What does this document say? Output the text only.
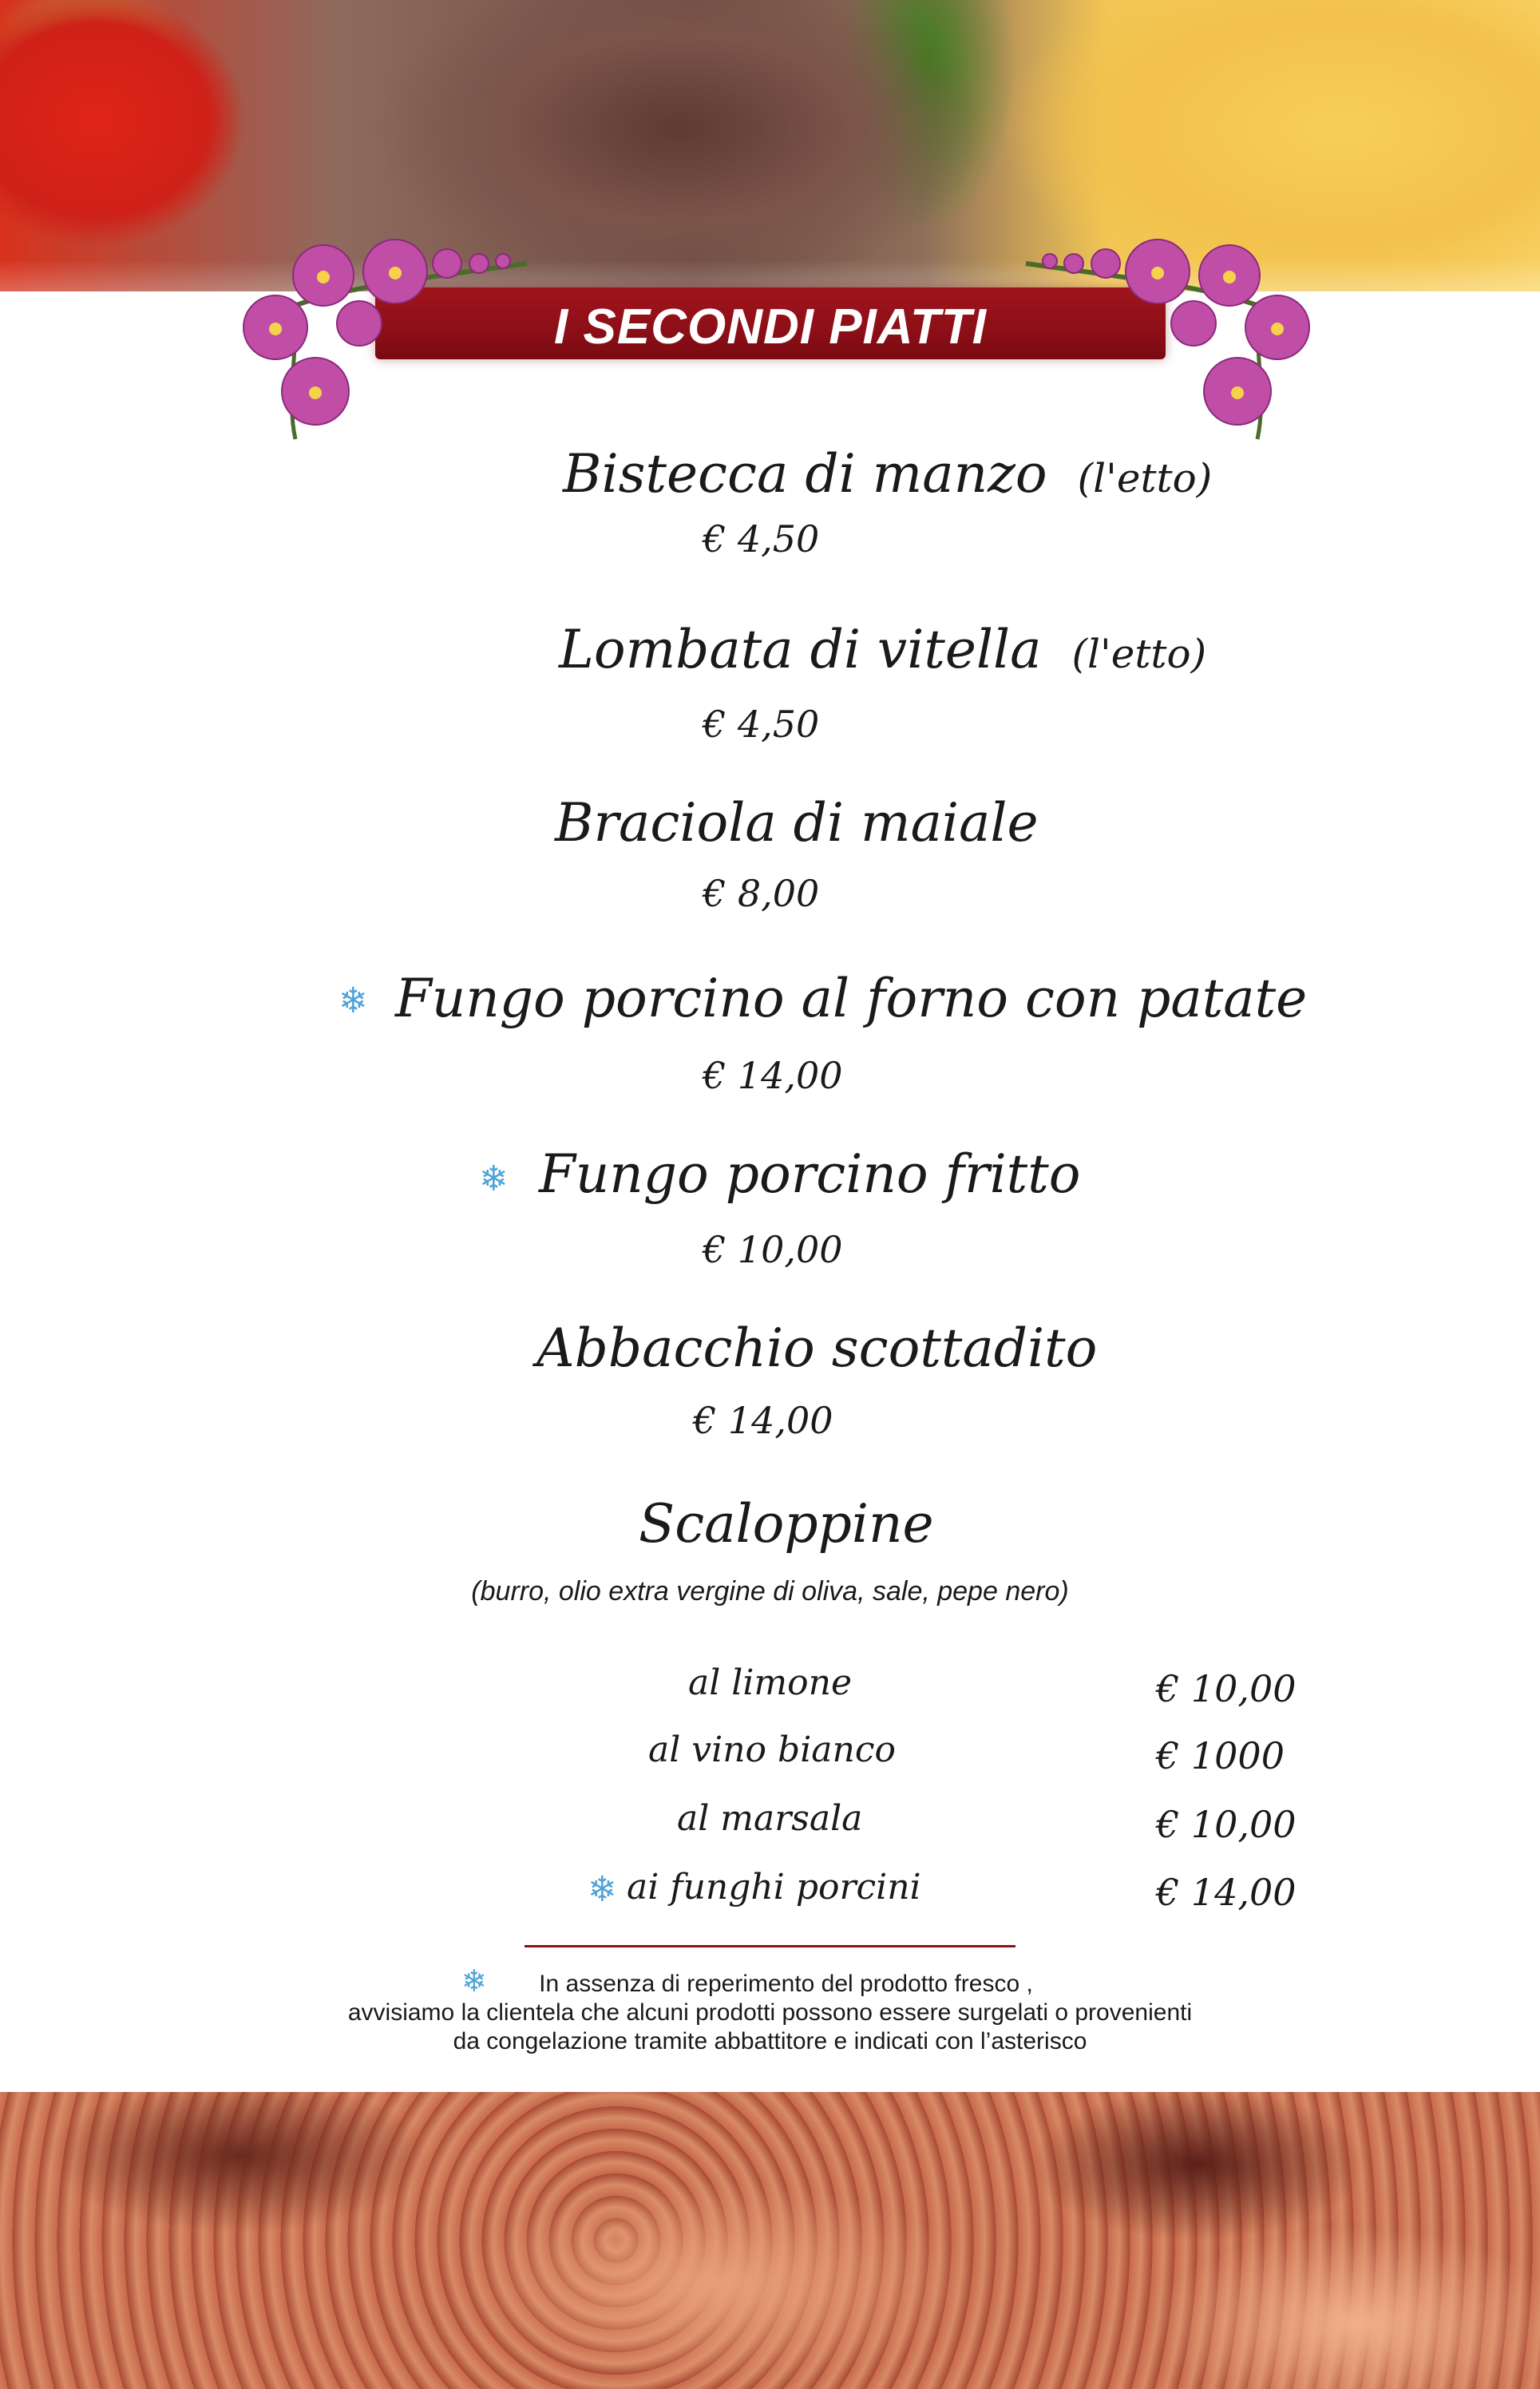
I SECONDI PIATTI
Bistecca di manzo (l'etto)
€ 4,50
Lombata di vitella (l'etto)
€ 4,50
Braciola di maiale
€ 8,00
❄ Fungo porcino al forno con patate
€ 14,00
❄ Fungo porcino fritto
€ 10,00
Abbacchio scottadito
€ 14,00
Scaloppine
(burro, olio extra vergine di oliva, sale, pepe nero)
al limone	€ 10,00
al vino bianco	€ 1000
al marsala	€ 10,00
❄ ai funghi porcini	€ 14,00
❄	In assenza di reperimento del prodotto fresco ,
avvisiamo la clientela che alcuni prodotti possono essere surgelati o provenienti
da congelazione tramite abbattitore e indicati con l’asterisco
